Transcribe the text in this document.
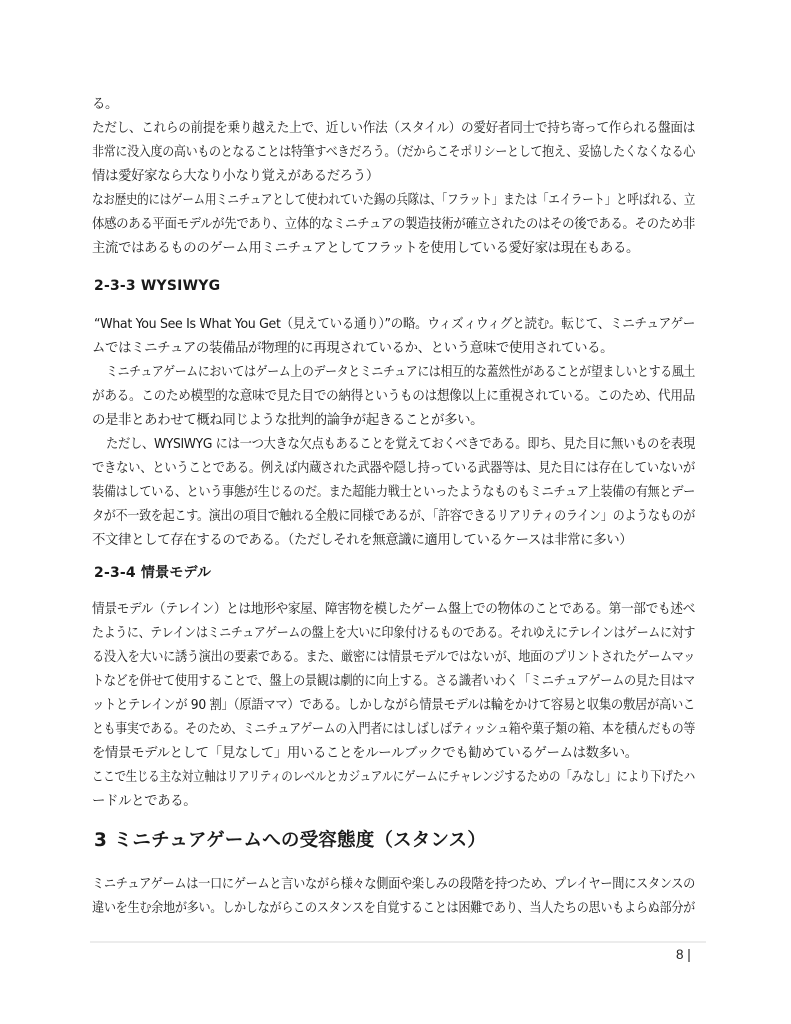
る。
ただし、これらの前提を乗り越えた上で、近しい作法（スタイル）の愛好者同士で持ち寄って作られる盤面は
非常に没入度の高いものとなることは特筆すべきだろう。（だからこそポリシーとして抱え、妥協したくなくなる心
情は愛好家なら大なり小なり覚えがあるだろう）
なお歴史的にはゲーム用ミニチュアとして使われていた錫の兵隊は、「フラット」または「エイラート」と呼ばれる、立
体感のある平面モデルが先であり、立体的なミニチュアの製造技術が確立されたのはその後である。そのため非
主流ではあるもののゲーム用ミニチュアとしてフラットを使用している愛好家は現在もある。
2-3-3 WYSIWYG
“What You See Is What You Get（見えている通り）”の略。ウィズィウィグと読む。転じて、ミニチュアゲー
ムではミニチュアの装備品が物理的に再現されているか、という意味で使用されている。
ミニチュアゲームにおいてはゲーム上のデータとミニチュアには相互的な蓋然性があることが望ましいとする風土
がある。このため模型的な意味で見た目での納得というものは想像以上に重視されている。このため、代用品
の是非とあわせて概ね同じような批判的論争が起きることが多い。
ただし、WYSIWYG には一つ大きな欠点もあることを覚えておくべきである。即ち、見た目に無いものを表現
できない、ということである。例えば内蔵された武器や隠し持っている武器等は、見た目には存在していないが
装備はしている、という事態が生じるのだ。また超能力戦士といったようなものもミニチュア上装備の有無とデー
タが不一致を起こす。演出の項目で触れる全般に同様であるが、「許容できるリアリティのライン」のようなものが
不文律として存在するのである。（ただしそれを無意識に適用しているケースは非常に多い）
2-3-4 情景モデル
情景モデル（テレイン）とは地形や家屋、障害物を模したゲーム盤上での物体のことである。第一部でも述べ
たように、テレインはミニチュアゲームの盤上を大いに印象付けるものである。それゆえにテレインはゲームに対す
る没入を大いに誘う演出の要素である。また、厳密には情景モデルではないが、地面のプリントされたゲームマッ
トなどを併せて使用することで、盤上の景観は劇的に向上する。さる識者いわく「ミニチュアゲームの見た目はマ
ットとテレインが 90 割」（原語ママ）である。しかしながら情景モデルは輪をかけて容易と収集の敷居が高いこ
とも事実である。そのため、ミニチュアゲームの入門者にはしばしばティッシュ箱や菓子類の箱、本を積んだもの等
を情景モデルとして「見なして」用いることをルールブックでも勧めているゲームは数多い。
ここで生じる主な対立軸はリアリティのレベルとカジュアルにゲームにチャレンジするための「みなし」により下げたハ
ードルとである。
3 ミニチュアゲームへの受容態度（スタンス）
ミニチュアゲームは一口にゲームと言いながら様々な側面や楽しみの段階を持つため、プレイヤー間にスタンスの
違いを生む余地が多い。しかしながらこのスタンスを自覚することは困難であり、当人たちの思いもよらぬ部分が
8 |
